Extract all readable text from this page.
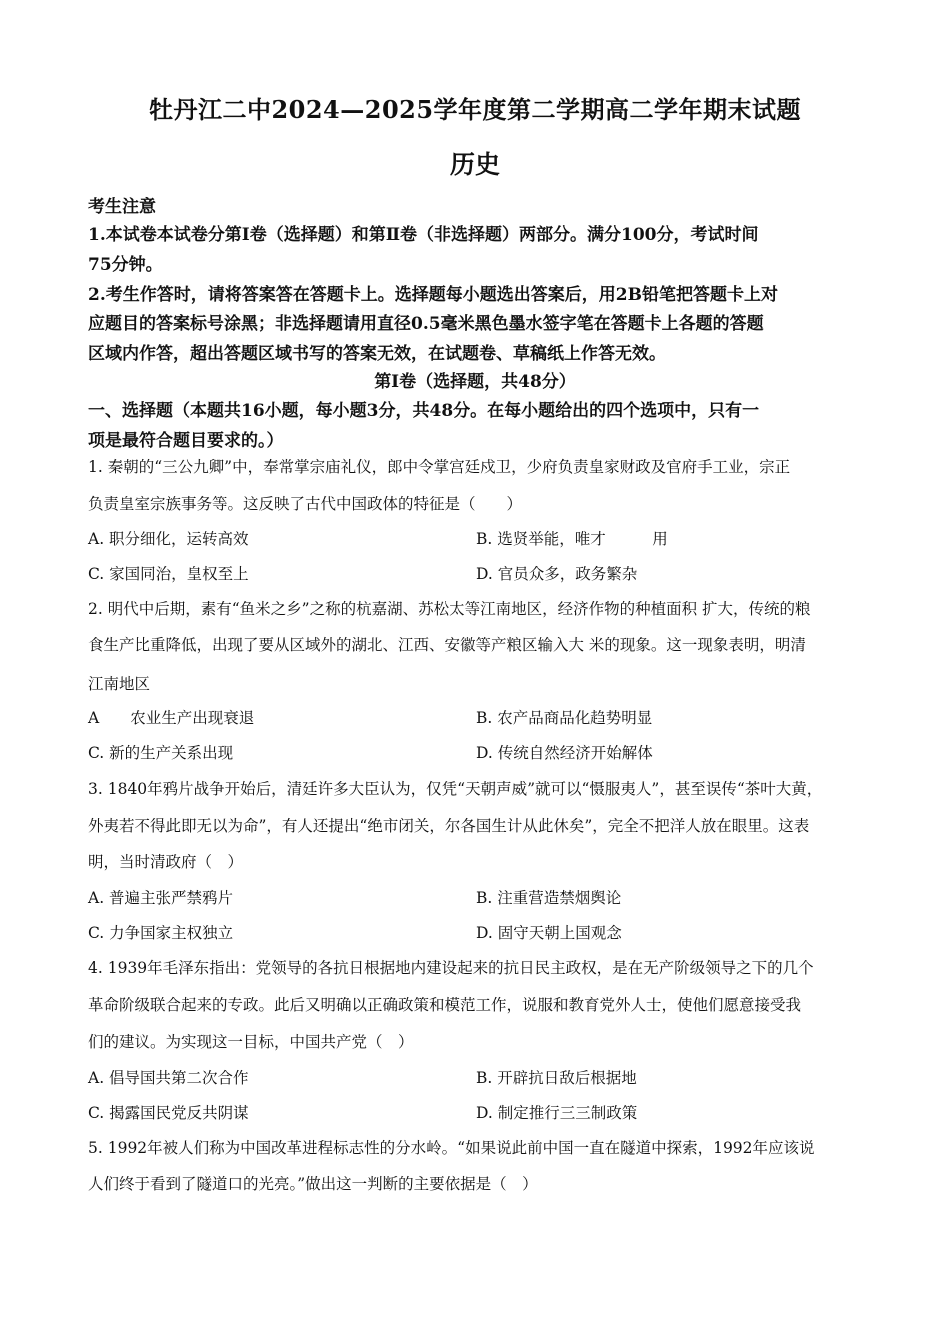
牡丹江二中2024—2025学年度第二学期高二学年期末试题
历史
考生注意
1.本试卷本试卷分第Ⅰ卷（选择题）和第Ⅱ卷（非选择题）两部分。满分100分，考试时间
75分钟。
2.考生作答时，请将答案答在答题卡上。选择题每小题选出答案后，用2B铅笔把答题卡上对
应题目的答案标号涂黑；非选择题请用直径0.5毫米黑色墨水签字笔在答题卡上各题的答题
区域内作答，超出答题区域书写的答案无效，在试题卷、草稿纸上作答无效。
第Ⅰ卷（选择题，共48分）
一、选择题（本题共16小题，每小题3分，共48分。在每小题给出的四个选项中，只有一
项是最符合题目要求的。）
1. 秦朝的“三公九卿”中，奉常掌宗庙礼仪，郎中令掌宫廷戍卫，少府负责皇家财政及官府手工业，宗正
负责皇室宗族事务等。这反映了古代中国政体的特征是（　　）
A. 职分细化，运转高效	B. 选贤举能，唯才　　　用
C. 家国同治，皇权至上	D. 官员众多，政务繁杂
2. 明代中后期，素有“鱼米之乡”之称的杭嘉湖、苏松太等江南地区，经济作物的种植面积 扩大，传统的粮
食生产比重降低，出现了要从区域外的湖北、江西、安徽等产粮区输入大 米的现象。这一现象表明，明清
江南地区
A　　农业生产出现衰退	B. 农产品商品化趋势明显
C. 新的生产关系出现	D. 传统自然经济开始解体
3. 1840年鸦片战争开始后，清廷许多大臣认为，仅凭“天朝声威”就可以“慑服夷人”，甚至误传“茶叶大黄，
外夷若不得此即无以为命”，有人还提出“绝市闭关，尔各国生计从此休矣”，完全不把洋人放在眼里。这表
明，当时清政府（　）
A. 普遍主张严禁鸦片	B. 注重营造禁烟舆论
C. 力争国家主权独立	D. 固守天朝上国观念
4. 1939年毛泽东指出：党领导的各抗日根据地内建设起来的抗日民主政权，是在无产阶级领导之下的几个
革命阶级联合起来的专政。此后又明确以正确政策和模范工作，说服和教育党外人士，使他们愿意接受我
们的建议。为实现这一目标，中国共产党（　）
A. 倡导国共第二次合作	B. 开辟抗日敌后根据地
C. 揭露国民党反共阴谋	D. 制定推行三三制政策
5. 1992年被人们称为中国改革进程标志性的分水岭。“如果说此前中国一直在隧道中探索，1992年应该说
人们终于看到了隧道口的光亮。”做出这一判断的主要依据是（　）
